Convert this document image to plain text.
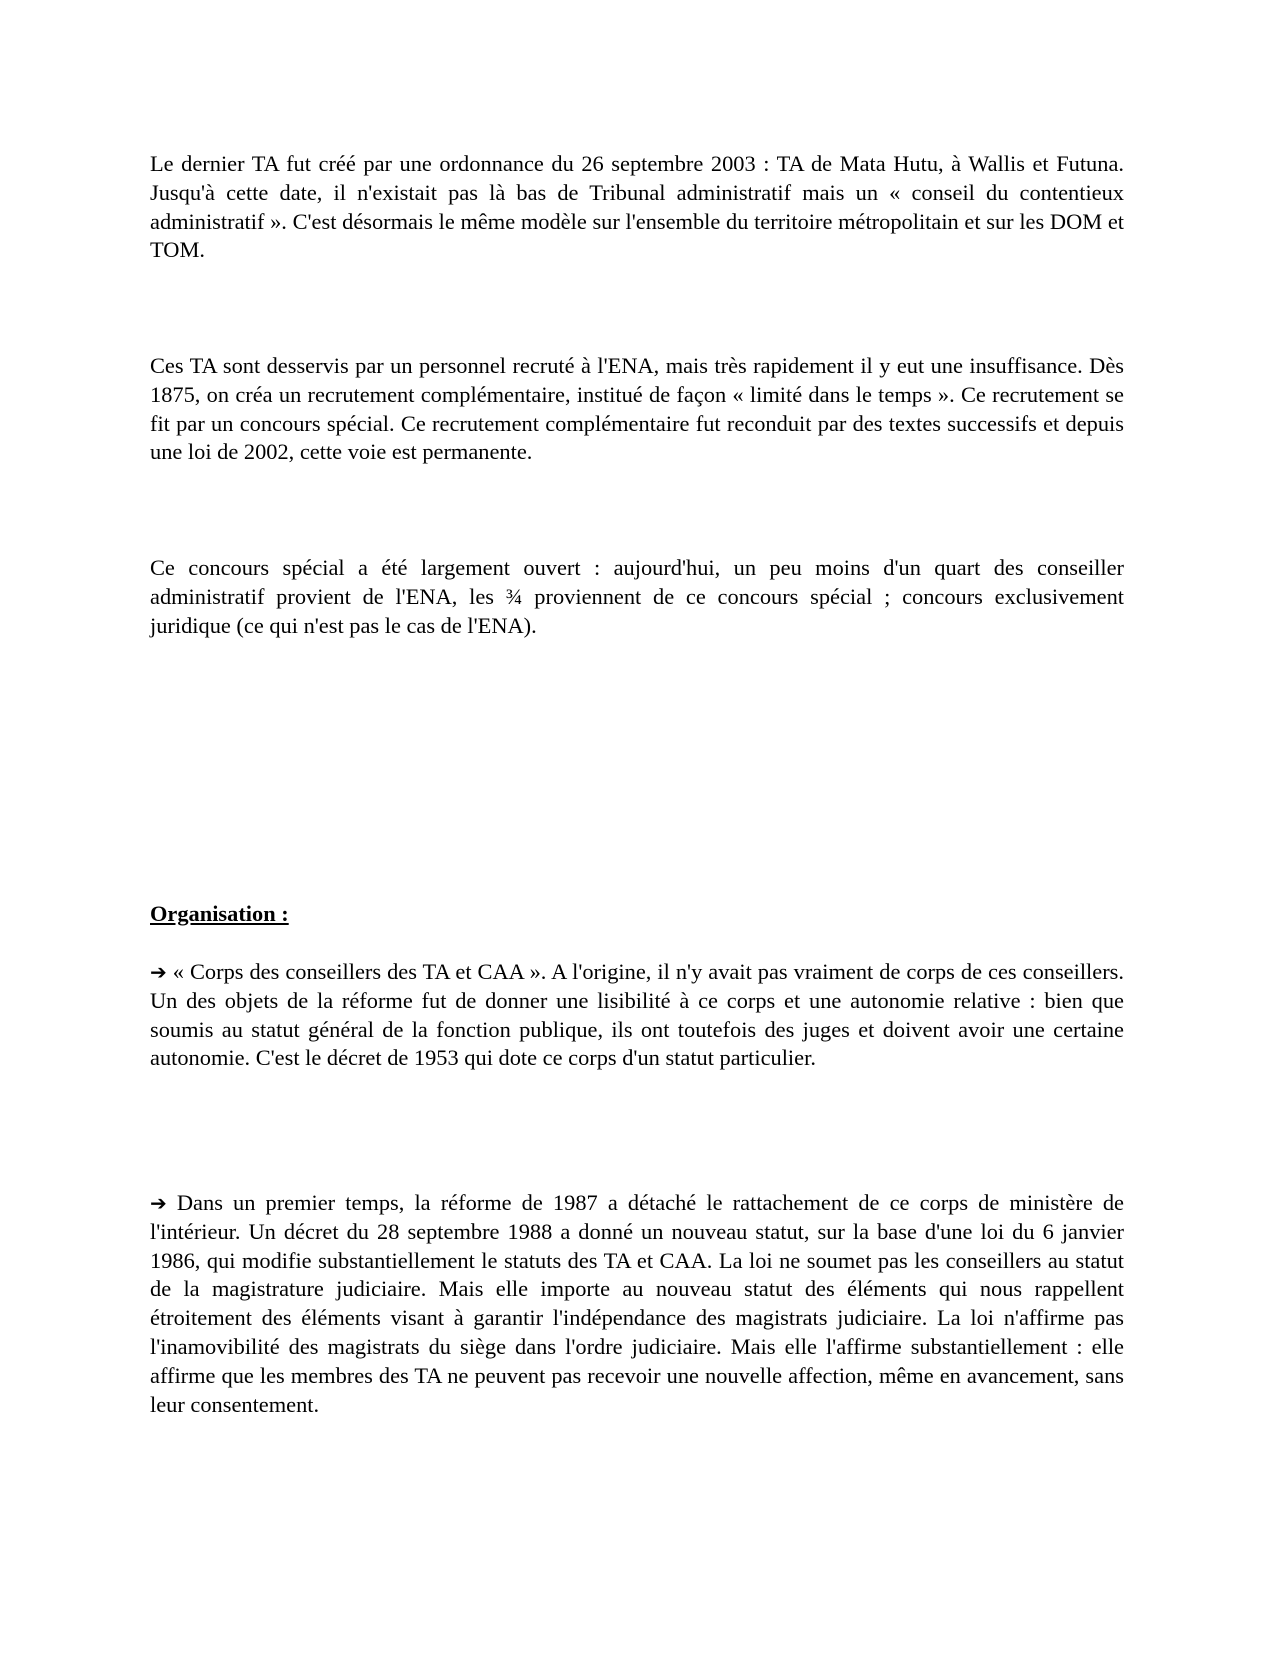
Le dernier TA fut créé par une ordonnance du 26 septembre 2003 : TA de Mata Hutu, à Wallis et Futuna. Jusqu'à cette date, il n'existait pas là bas de Tribunal administratif mais un « conseil du contentieux administratif ». C'est désormais le même modèle sur l'ensemble du territoire métropolitain et sur les DOM et TOM.

Ces TA sont desservis par un personnel recruté à l'ENA, mais très rapidement il y eut une insuffisance. Dès 1875, on créa un recrutement complémentaire, institué de façon « limité dans le temps ». Ce recrutement se fit par un concours spécial. Ce recrutement complémentaire fut reconduit par des textes successifs et depuis une loi de 2002, cette voie est permanente.

Ce concours spécial a été largement ouvert : aujourd'hui, un peu moins d'un quart des conseiller administratif provient de l'ENA, les ¾ proviennent de ce concours spécial ; concours exclusivement juridique (ce qui n'est pas le cas de l'ENA).

Organisation :

➔ « Corps des conseillers des TA et CAA ». A l'origine, il n'y avait pas vraiment de corps de ces conseillers. Un des objets de la réforme fut de donner une lisibilité à ce corps et une autonomie relative : bien que soumis au statut général de la fonction publique, ils ont toutefois des juges et doivent avoir une certaine autonomie. C'est le décret de 1953 qui dote ce corps d'un statut particulier.

➔ Dans un premier temps, la réforme de 1987 a détaché le rattachement de ce corps de ministère de l'intérieur. Un décret du 28 septembre 1988 a donné un nouveau statut, sur la base d'une loi du 6 janvier 1986, qui modifie substantiellement le statuts des TA et CAA. La loi ne soumet pas les conseillers au statut de la magistrature judiciaire. Mais elle importe au nouveau statut des éléments qui nous rappellent étroitement des éléments visant à garantir l'indépendance des magistrats judiciaire. La loi n'affirme pas l'inamovibilité des magistrats du siège dans l'ordre judiciaire. Mais elle l'affirme substantiellement : elle affirme que les membres des TA ne peuvent pas recevoir une nouvelle affection, même en avancement, sans leur consentement.
